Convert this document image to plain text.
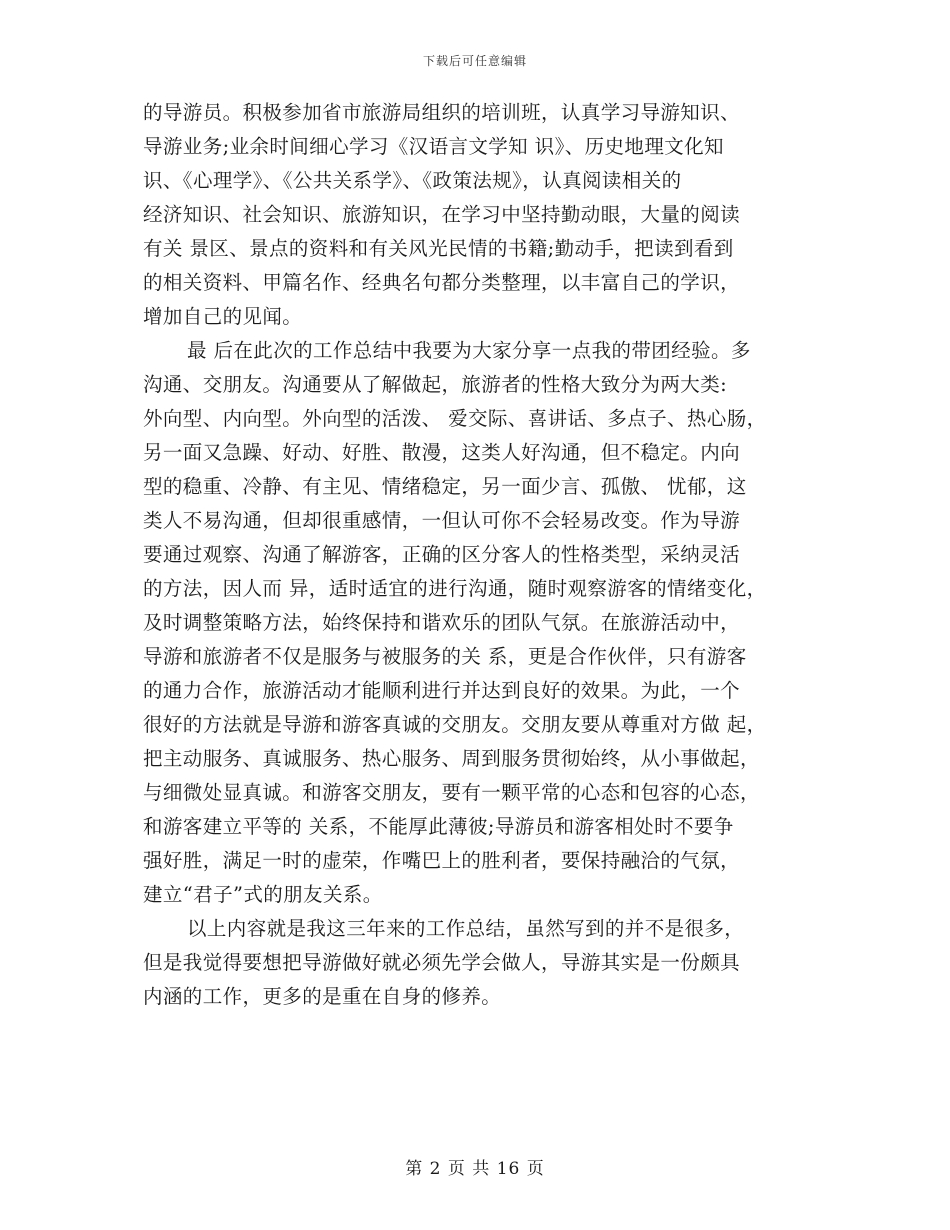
下载后可任意编辑
的导游员。积极参加省市旅游局组织的培训班，认真学习导游知识、
导游业务;业余时间细心学习《汉语言文学知 识》、历史地理文化知
识、《心理学》、《公共关系学》、《政策法规》，认真阅读相关的
经济知识、社会知识、旅游知识，在学习中坚持勤动眼，大量的阅读
有关 景区、景点的资料和有关风光民情的书籍;勤动手，把读到看到
的相关资料、甲篇名作、经典名句都分类整理，以丰富自己的学识，
增加自己的见闻。
最 后在此次的工作总结中我要为大家分享一点我的带团经验。多
沟通、交朋友。沟通要从了解做起，旅游者的性格大致分为两大类:
外向型、内向型。外向型的活泼、 爱交际、喜讲话、多点子、热心肠，
另一面又急躁、好动、好胜、散漫，这类人好沟通，但不稳定。内向
型的稳重、冷静、有主见、情绪稳定，另一面少言、孤傲、 忧郁，这
类人不易沟通，但却很重感情，一但认可你不会轻易改变。作为导游
要通过观察、沟通了解游客，正确的区分客人的性格类型，采纳灵活
的方法，因人而 异，适时适宜的进行沟通，随时观察游客的情绪变化，
及时调整策略方法，始终保持和谐欢乐的团队气氛。在旅游活动中，
导游和旅游者不仅是服务与被服务的关 系，更是合作伙伴，只有游客
的通力合作，旅游活动才能顺利进行并达到良好的效果。为此，一个
很好的方法就是导游和游客真诚的交朋友。交朋友要从尊重对方做 起，
把主动服务、真诚服务、热心服务、周到服务贯彻始终，从小事做起，
与细微处显真诚。和游客交朋友，要有一颗平常的心态和包容的心态，
和游客建立平等的 关系，不能厚此薄彼;导游员和游客相处时不要争
强好胜，满足一时的虚荣，作嘴巴上的胜利者，要保持融洽的气氛，
建立“君子”式的朋友关系。
以上内容就是我这三年来的工作总结，虽然写到的并不是很多，
但是我觉得要想把导游做好就必须先学会做人，导游其实是一份颇具
内涵的工作，更多的是重在自身的修养。
第 2 页 共 16 页
